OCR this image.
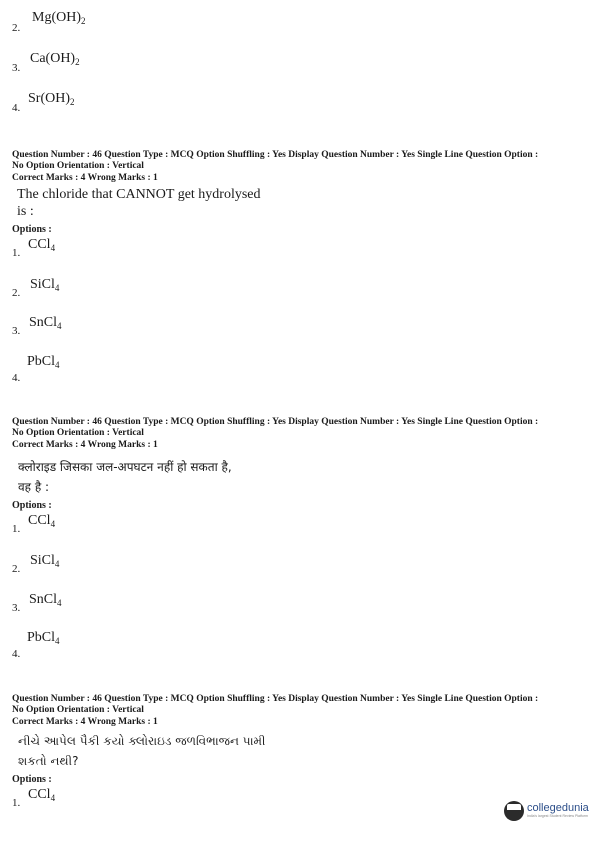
2.
$Mg(OH)_2$
3.
$Ca(OH)_2$
4.
$Sr(OH)_2$
Question Number : 46 Question Type : MCQ Option Shuffling : Yes Display Question Number : Yes Single Line Question Option :
No Option Orientation : Vertical
Correct Marks : 4 Wrong Marks : 1
The chloride that CANNOT get hydrolysed
is :
Options :
1.
CCl$_4$
2.
SiCl$_4$
3.
SnCl$_4$
4.
PbCl$_4$
Question Number : 46 Question Type : MCQ Option Shuffling : Yes Display Question Number : Yes Single Line Question Option :
No Option Orientation : Vertical
Correct Marks : 4 Wrong Marks : 1
क्लोराइड जिसका जल-अपघटन नहीं हो सकता है,
वह है :
Options :
1.
CCl$_4$
2.
SiCl$_4$
3.
SnCl$_4$
4.
PbCl$_4$
Question Number : 46 Question Type : MCQ Option Shuffling : Yes Display Question Number : Yes Single Line Question Option :
No Option Orientation : Vertical
Correct Marks : 4 Wrong Marks : 1
નીચે આપેલ પૈકી કયો ક્લોરાઇડ જળવિભાજન પામી
શકતો નથી?
Options :
1.
CCl$_4$
collegedunia
India's largest Student Review Platform
